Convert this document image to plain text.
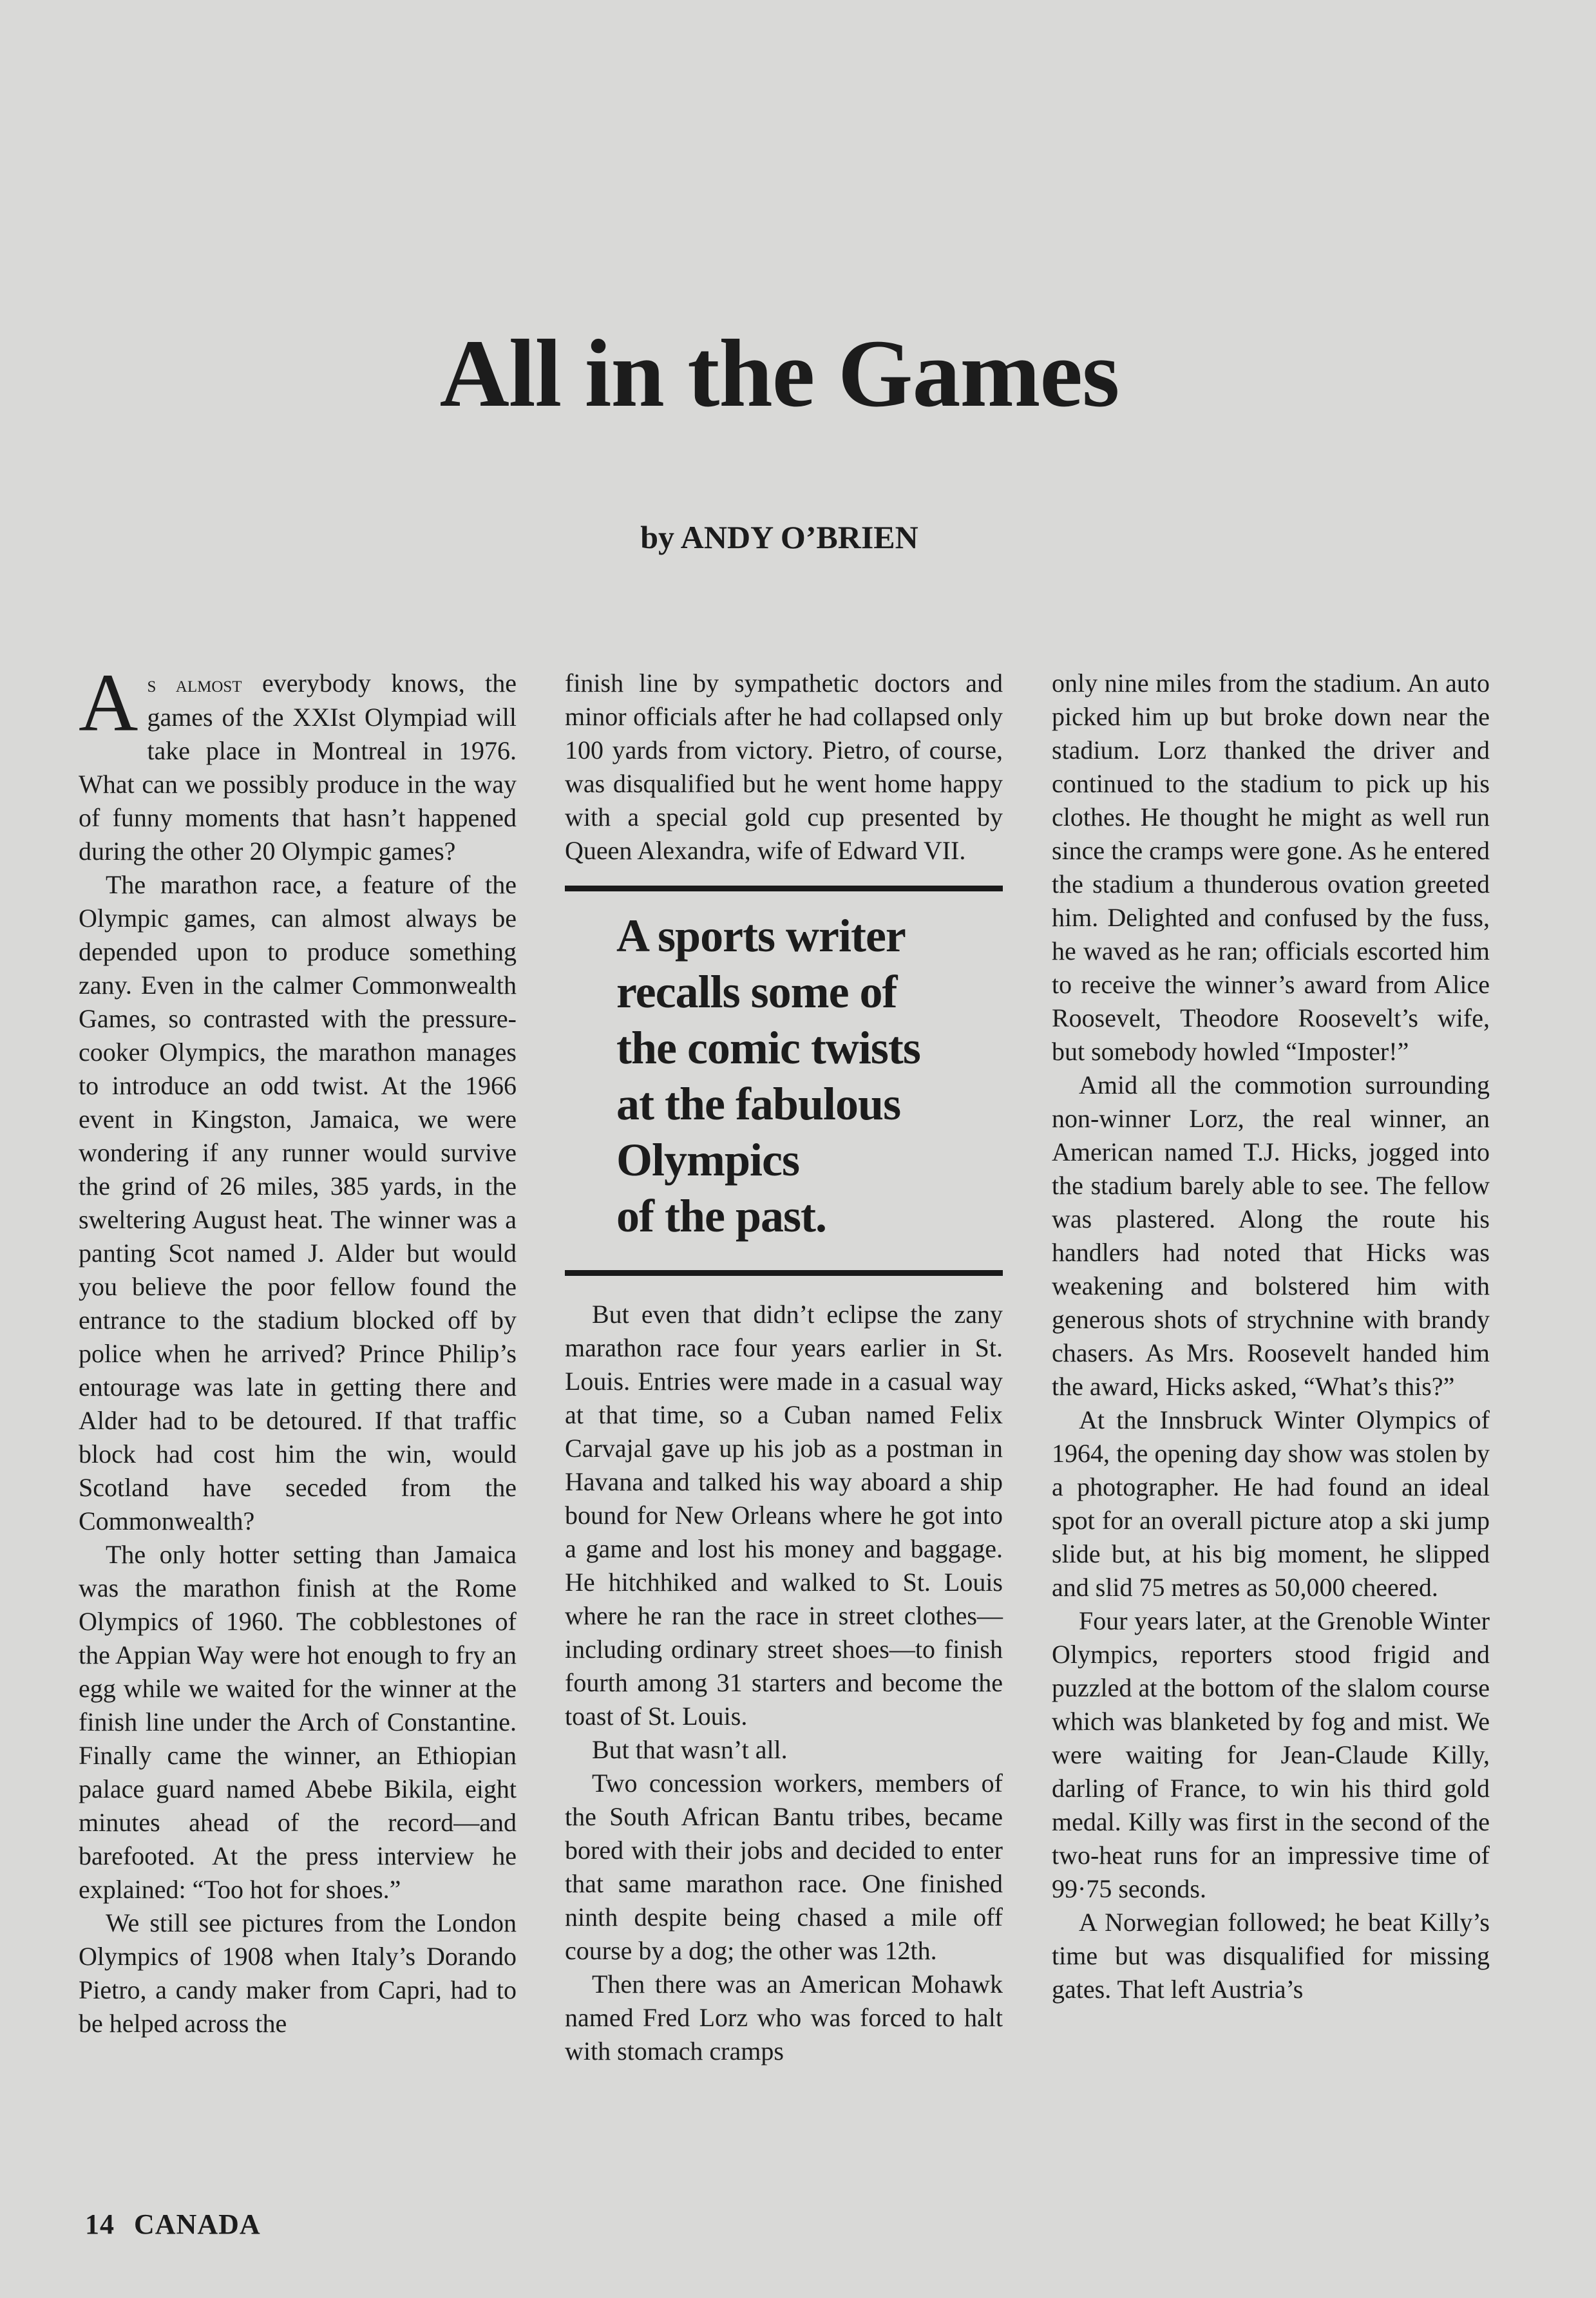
All in the Games
by ANDY O’BRIEN

As almost everybody knows, the games of the XXIst Olympiad will take place in Montreal in 1976. What can we possibly produce in the way of funny moments that hasn’t happened during the other 20 Olympic games?

The marathon race, a feature of the Olympic games, can almost always be depended upon to produce something zany. Even in the calmer Commonwealth Games, so contrasted with the pressure-cooker Olympics, the marathon manages to introduce an odd twist. At the 1966 event in Kingston, Jamaica, we were wondering if any runner would survive the grind of 26 miles, 385 yards, in the sweltering August heat. The winner was a panting Scot named J. Alder but would you believe the poor fellow found the entrance to the stadium blocked off by police when he arrived? Prince Philip’s entourage was late in getting there and Alder had to be detoured. If that traffic block had cost him the win, would Scotland have seceded from the Commonwealth?

The only hotter setting than Jamaica was the marathon finish at the Rome Olympics of 1960. The cobblestones of the Appian Way were hot enough to fry an egg while we waited for the winner at the finish line under the Arch of Constantine. Finally came the winner, an Ethiopian palace guard named Abebe Bikila, eight minutes ahead of the record—and barefooted. At the press interview he explained: “Too hot for shoes.”

We still see pictures from the London Olympics of 1908 when Italy’s Dorando Pietro, a candy maker from Capri, had to be helped across the

finish line by sympathetic doctors and minor officials after he had collapsed only 100 yards from victory. Pietro, of course, was disqualified but he went home happy with a special gold cup presented by Queen Alexandra, wife of Edward VII.

A sports writer
recalls some of
the comic twists
at the fabulous
Olympics
of the past.

But even that didn’t eclipse the zany marathon race four years earlier in St. Louis. Entries were made in a casual way at that time, so a Cuban named Felix Carvajal gave up his job as a postman in Havana and talked his way aboard a ship bound for New Orleans where he got into a game and lost his money and baggage. He hitchhiked and walked to St. Louis where he ran the race in street clothes—including ordinary street shoes—to finish fourth among 31 starters and become the toast of St. Louis.

But that wasn’t all.

Two concession workers, members of the South African Bantu tribes, became bored with their jobs and decided to enter that same marathon race. One finished ninth despite being chased a mile off course by a dog; the other was 12th.

Then there was an American Mohawk named Fred Lorz who was forced to halt with stomach cramps

only nine miles from the stadium. An auto picked him up but broke down near the stadium. Lorz thanked the driver and continued to the stadium to pick up his clothes. He thought he might as well run since the cramps were gone. As he entered the stadium a thunderous ovation greeted him. Delighted and confused by the fuss, he waved as he ran; officials escorted him to receive the winner’s award from Alice Roosevelt, Theodore Roosevelt’s wife, but somebody howled “Imposter!”

Amid all the commotion surrounding non-winner Lorz, the real winner, an American named T.J. Hicks, jogged into the stadium barely able to see. The fellow was plastered. Along the route his handlers had noted that Hicks was weakening and bolstered him with generous shots of strychnine with brandy chasers. As Mrs. Roosevelt handed him the award, Hicks asked, “What’s this?”

At the Innsbruck Winter Olympics of 1964, the opening day show was stolen by a photographer. He had found an ideal spot for an overall picture atop a ski jump slide but, at his big moment, he slipped and slid 75 metres as 50,000 cheered.

Four years later, at the Grenoble Winter Olympics, reporters stood frigid and puzzled at the bottom of the slalom course which was blanketed by fog and mist. We were waiting for Jean-Claude Killy, darling of France, to win his third gold medal. Killy was first in the second of the two-heat runs for an impressive time of 99·75 seconds.

A Norwegian followed; he beat Killy’s time but was disqualified for missing gates. That left Austria’s

14 CANADA
